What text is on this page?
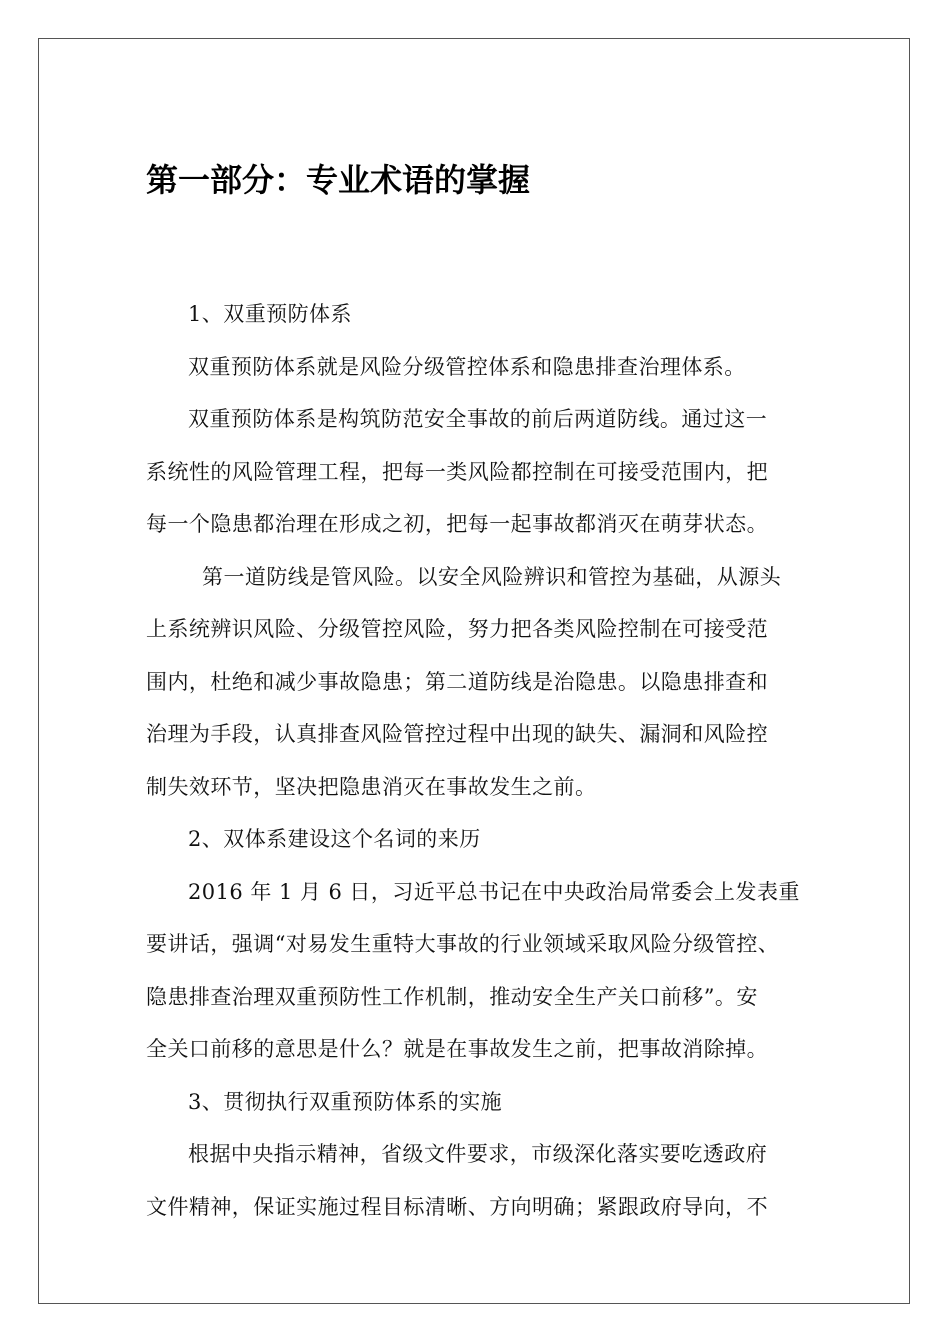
第一部分：专业术语的掌握
1、双重预防体系
双重预防体系就是风险分级管控体系和隐患排查治理体系。
双重预防体系是构筑防范安全事故的前后两道防线。通过这一
系统性的风险管理工程，把每一类风险都控制在可接受范围内，把
每一个隐患都治理在形成之初，把每一起事故都消灭在萌芽状态。
第一道防线是管风险。以安全风险辨识和管控为基础，从源头
上系统辨识风险、分级管控风险，努力把各类风险控制在可接受范
围内，杜绝和减少事故隐患；第二道防线是治隐患。以隐患排查和
治理为手段，认真排查风险管控过程中出现的缺失、漏洞和风险控
制失效环节，坚决把隐患消灭在事故发生之前。
2、双体系建设这个名词的来历
2016 年 1 月 6 日，习近平总书记在中央政治局常委会上发表重
要讲话，强调“对易发生重特大事故的行业领域采取风险分级管控、
隐患排查治理双重预防性工作机制，推动安全生产关口前移”。安
全关口前移的意思是什么？就是在事故发生之前，把事故消除掉。
3、贯彻执行双重预防体系的实施
根据中央指示精神，省级文件要求，市级深化落实要吃透政府
文件精神，保证实施过程目标清晰、方向明确；紧跟政府导向，不
